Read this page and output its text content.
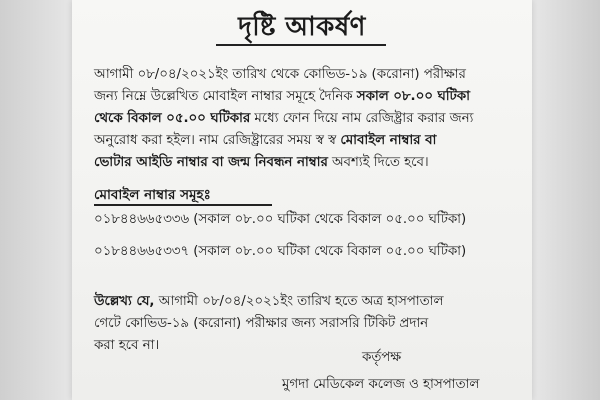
দৃষ্টি আকর্ষণ
আগামী ০৮/০৪/২০২১ইং তারিখ থেকে কোভিড-১৯ (করোনা) পরীক্ষার
জন্য নিম্নে উল্লেখিত মোবাইল নাম্বার সমূহে দৈনিক সকাল ০৮.০০ ঘটিকা
থেকে বিকাল ০৫.০০ ঘটিকার মধ্যে ফোন দিয়ে নাম রেজিষ্ট্রার করার জন্য
অনুরোধ করা হইল। নাম রেজিষ্ট্রারের সময় স্ব স্ব মোবাইল নাম্বার বা
ভোটার আইডি নাম্বার বা জন্ম নিবন্ধন নাম্বার অবশ্যই দিতে হবে।
মোবাইল নাম্বার সমূহঃ
০১৮৪৪৬৬৫৩৩৬ (সকাল ০৮.০০ ঘটিকা থেকে বিকাল ০৫.০০ ঘটিকা)
০১৮৪৪৬৬৫৩৩৭ (সকাল ০৮.০০ ঘটিকা থেকে বিকাল ০৫.০০ ঘটিকা)
উল্লেখ্য যে, আগামী ০৮/০৪/২০২১ইং তারিখ হতে অত্র হাসপাতাল
গেটে কোভিড-১৯ (করোনা) পরীক্ষার জন্য সরাসরি টিকিট প্রদান
করা হবে না।
কর্তৃপক্ষ
মুগদা মেডিকেল কলেজ ও হাসপাতাল
